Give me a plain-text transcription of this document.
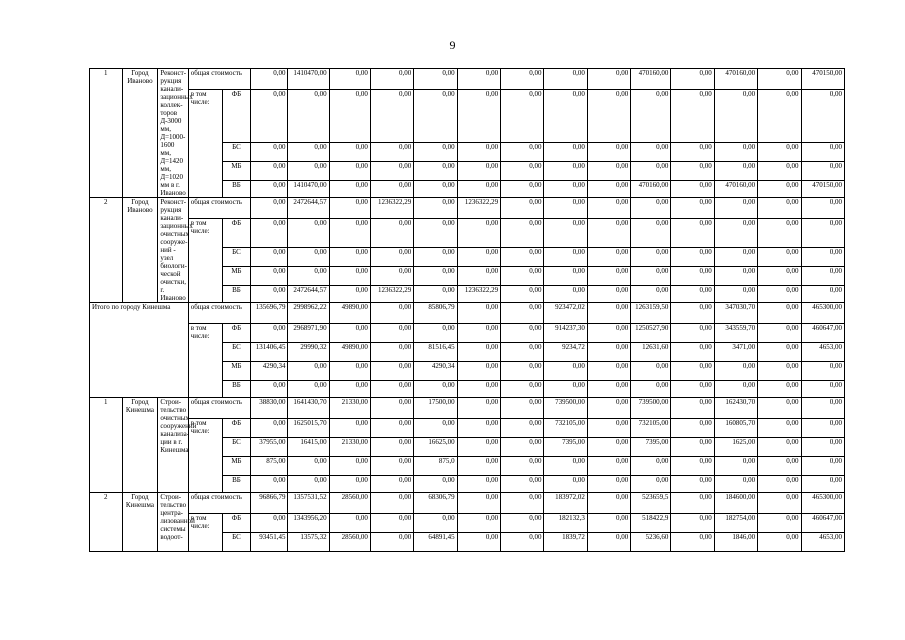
9
1	Город Иваново	Реконст-рукция канали-зационных коллек-торов Д-3000 мм, Д=1000-1600 мм, Д=1420 мм, Д=1020 мм в г. Иваново	общая стоимость		0,00	1410470,00	0,00	0,00	0,00	0,00	0,00	0,00	0,00	470160,00	0,00	470160,00	0,00	470150,00
			в том числе:	ФБ	0,00	0,00	0,00	0,00	0,00	0,00	0,00	0,00	0,00	0,00	0,00	0,00	0,00	0,00
				БС	0,00	0,00	0,00	0,00	0,00	0,00	0,00	0,00	0,00	0,00	0,00	0,00	0,00	0,00
				МБ	0,00	0,00	0,00	0,00	0,00	0,00	0,00	0,00	0,00	0,00	0,00	0,00	0,00	0,00
				ВБ	0,00	1410470,00	0,00	0,00	0,00	0,00	0,00	0,00	0,00	470160,00	0,00	470160,00	0,00	470150,00
2	Город Иваново	Реконст-рукция канали-зационных очистных сооруже-ний - узел биологи-ческой очистки, г. Иваново	общая стоимость		0,00	2472644,57	0,00	1236322,29	0,00	1236322,29	0,00	0,00	0,00	0,00	0,00	0,00	0,00	0,00
			в том числе:	ФБ	0,00	0,00	0,00	0,00	0,00	0,00	0,00	0,00	0,00	0,00	0,00	0,00	0,00	0,00
				БС	0,00	0,00	0,00	0,00	0,00	0,00	0,00	0,00	0,00	0,00	0,00	0,00	0,00	0,00
				МБ	0,00	0,00	0,00	0,00	0,00	0,00	0,00	0,00	0,00	0,00	0,00	0,00	0,00	0,00
				ВБ	0,00	2472644,57	0,00	1236322,29	0,00	1236322,29	0,00	0,00	0,00	0,00	0,00	0,00	0,00	0,00
Итого по городу Кинешма			общая стоимость		135696,79	2998962,22	49890,00	0,00	85806,79	0,00	0,00	923472,02	0,00	1263159,50	0,00	347030,70	0,00	465300,00
			в том числе:	ФБ	0,00	2968971,90	0,00	0,00	0,00	0,00	0,00	914237,30	0,00	1250527,90	0,00	343559,70	0,00	460647,00
				БС	131406,45	29990,32	49890,00	0,00	81516,45	0,00	0,00	9234,72	0,00	12631,60	0,00	3471,00	0,00	4653,00
				МБ	4290,34	0,00	0,00	0,00	4290,34	0,00	0,00	0,00	0,00	0,00	0,00	0,00	0,00	0,00
				ВБ	0,00	0,00	0,00	0,00	0,00	0,00	0,00	0,00	0,00	0,00	0,00	0,00	0,00	0,00
1	Город Кинешма	Строи-тельство очистных сооружений канализа-ции в г. Кинешма	общая стоимость		38830,00	1641430,70	21330,00	0,00	17500,00	0,00	0,00	739500,00	0,00	739500,00	0,00	162430,70	0,00	0,00
			в том числе:	ФБ	0,00	1625015,70	0,00	0,00	0,00	0,00	0,00	732105,00	0,00	732105,00	0,00	160805,70	0,00	0,00
				БС	37955,00	16415,00	21330,00	0,00	16625,00	0,00	0,00	7395,00	0,00	7395,00	0,00	1625,00	0,00	0,00
				МБ	875,00	0,00	0,00	0,00	875,0	0,00	0,00	0,00	0,00	0,00	0,00	0,00	0,00	0,00
				ВБ	0,00	0,00	0,00	0,00	0,00	0,00	0,00	0,00	0,00	0,00	0,00	0,00	0,00	0,00
2	Город Кинешма	Строи-тельство центра-лизованной системы водоот-	общая стоимость		96866,79	1357531,52	28560,00	0,00	68306,79	0,00	0,00	183972,02	0,00	523659,5	0,00	184600,00	0,00	465300,00
			в том числе:	ФБ	0,00	1343956,20	0,00	0,00	0,00	0,00	0,00	182132,3	0,00	518422,9	0,00	182754,00	0,00	460647,00
				БС	93451,45	13575,32	28560,00	0,00	64891,45	0,00	0,00	1839,72	0,00	5236,60	0,00	1846,00	0,00	4653,00
